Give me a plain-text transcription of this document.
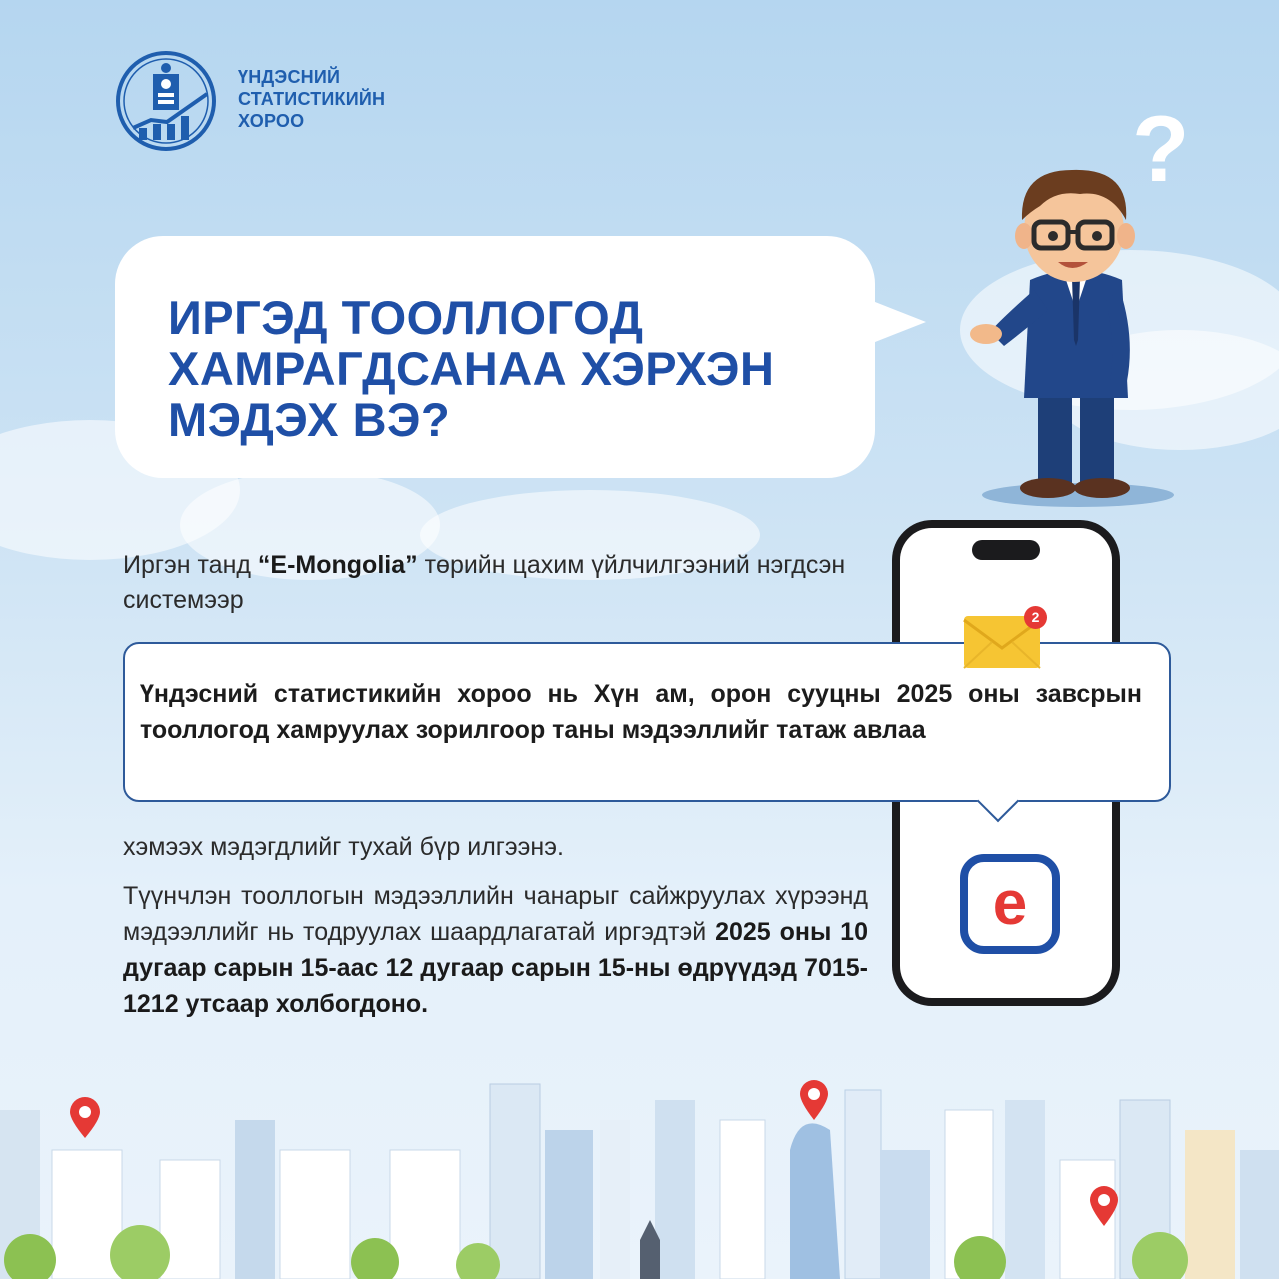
ҮНДЭСНИЙ
СТАТИСТИКИЙН
ХОРОО	?
ИРГЭД ТООЛЛОГОД
ХАМРАГДСАНАА ХЭРХЭН
МЭДЭХ ВЭ?
Иргэн танд “E-Mongolia” төрийн цахим үйлчилгээний нэгдсэн системээр
Үндэсний статистикийн хороо нь Хүн ам, орон сууцны 2025 оны завсрын тооллогод хамруулах зорилгоор таны мэдээллийг татаж авлаа
2
хэмээх мэдэгдлийг тухай бүр илгээнэ.
Түүнчлэн тооллогын мэдээллийн чанарыг сайжруулах хүрээнд мэдээллийг нь тодруулах шаардлагатай иргэдтэй 2025 оны 10 дугаар сарын 15-аас 12 дугаар сарын 15-ны өдрүүдэд 7015-1212 утсаар холбогдоно.
e
